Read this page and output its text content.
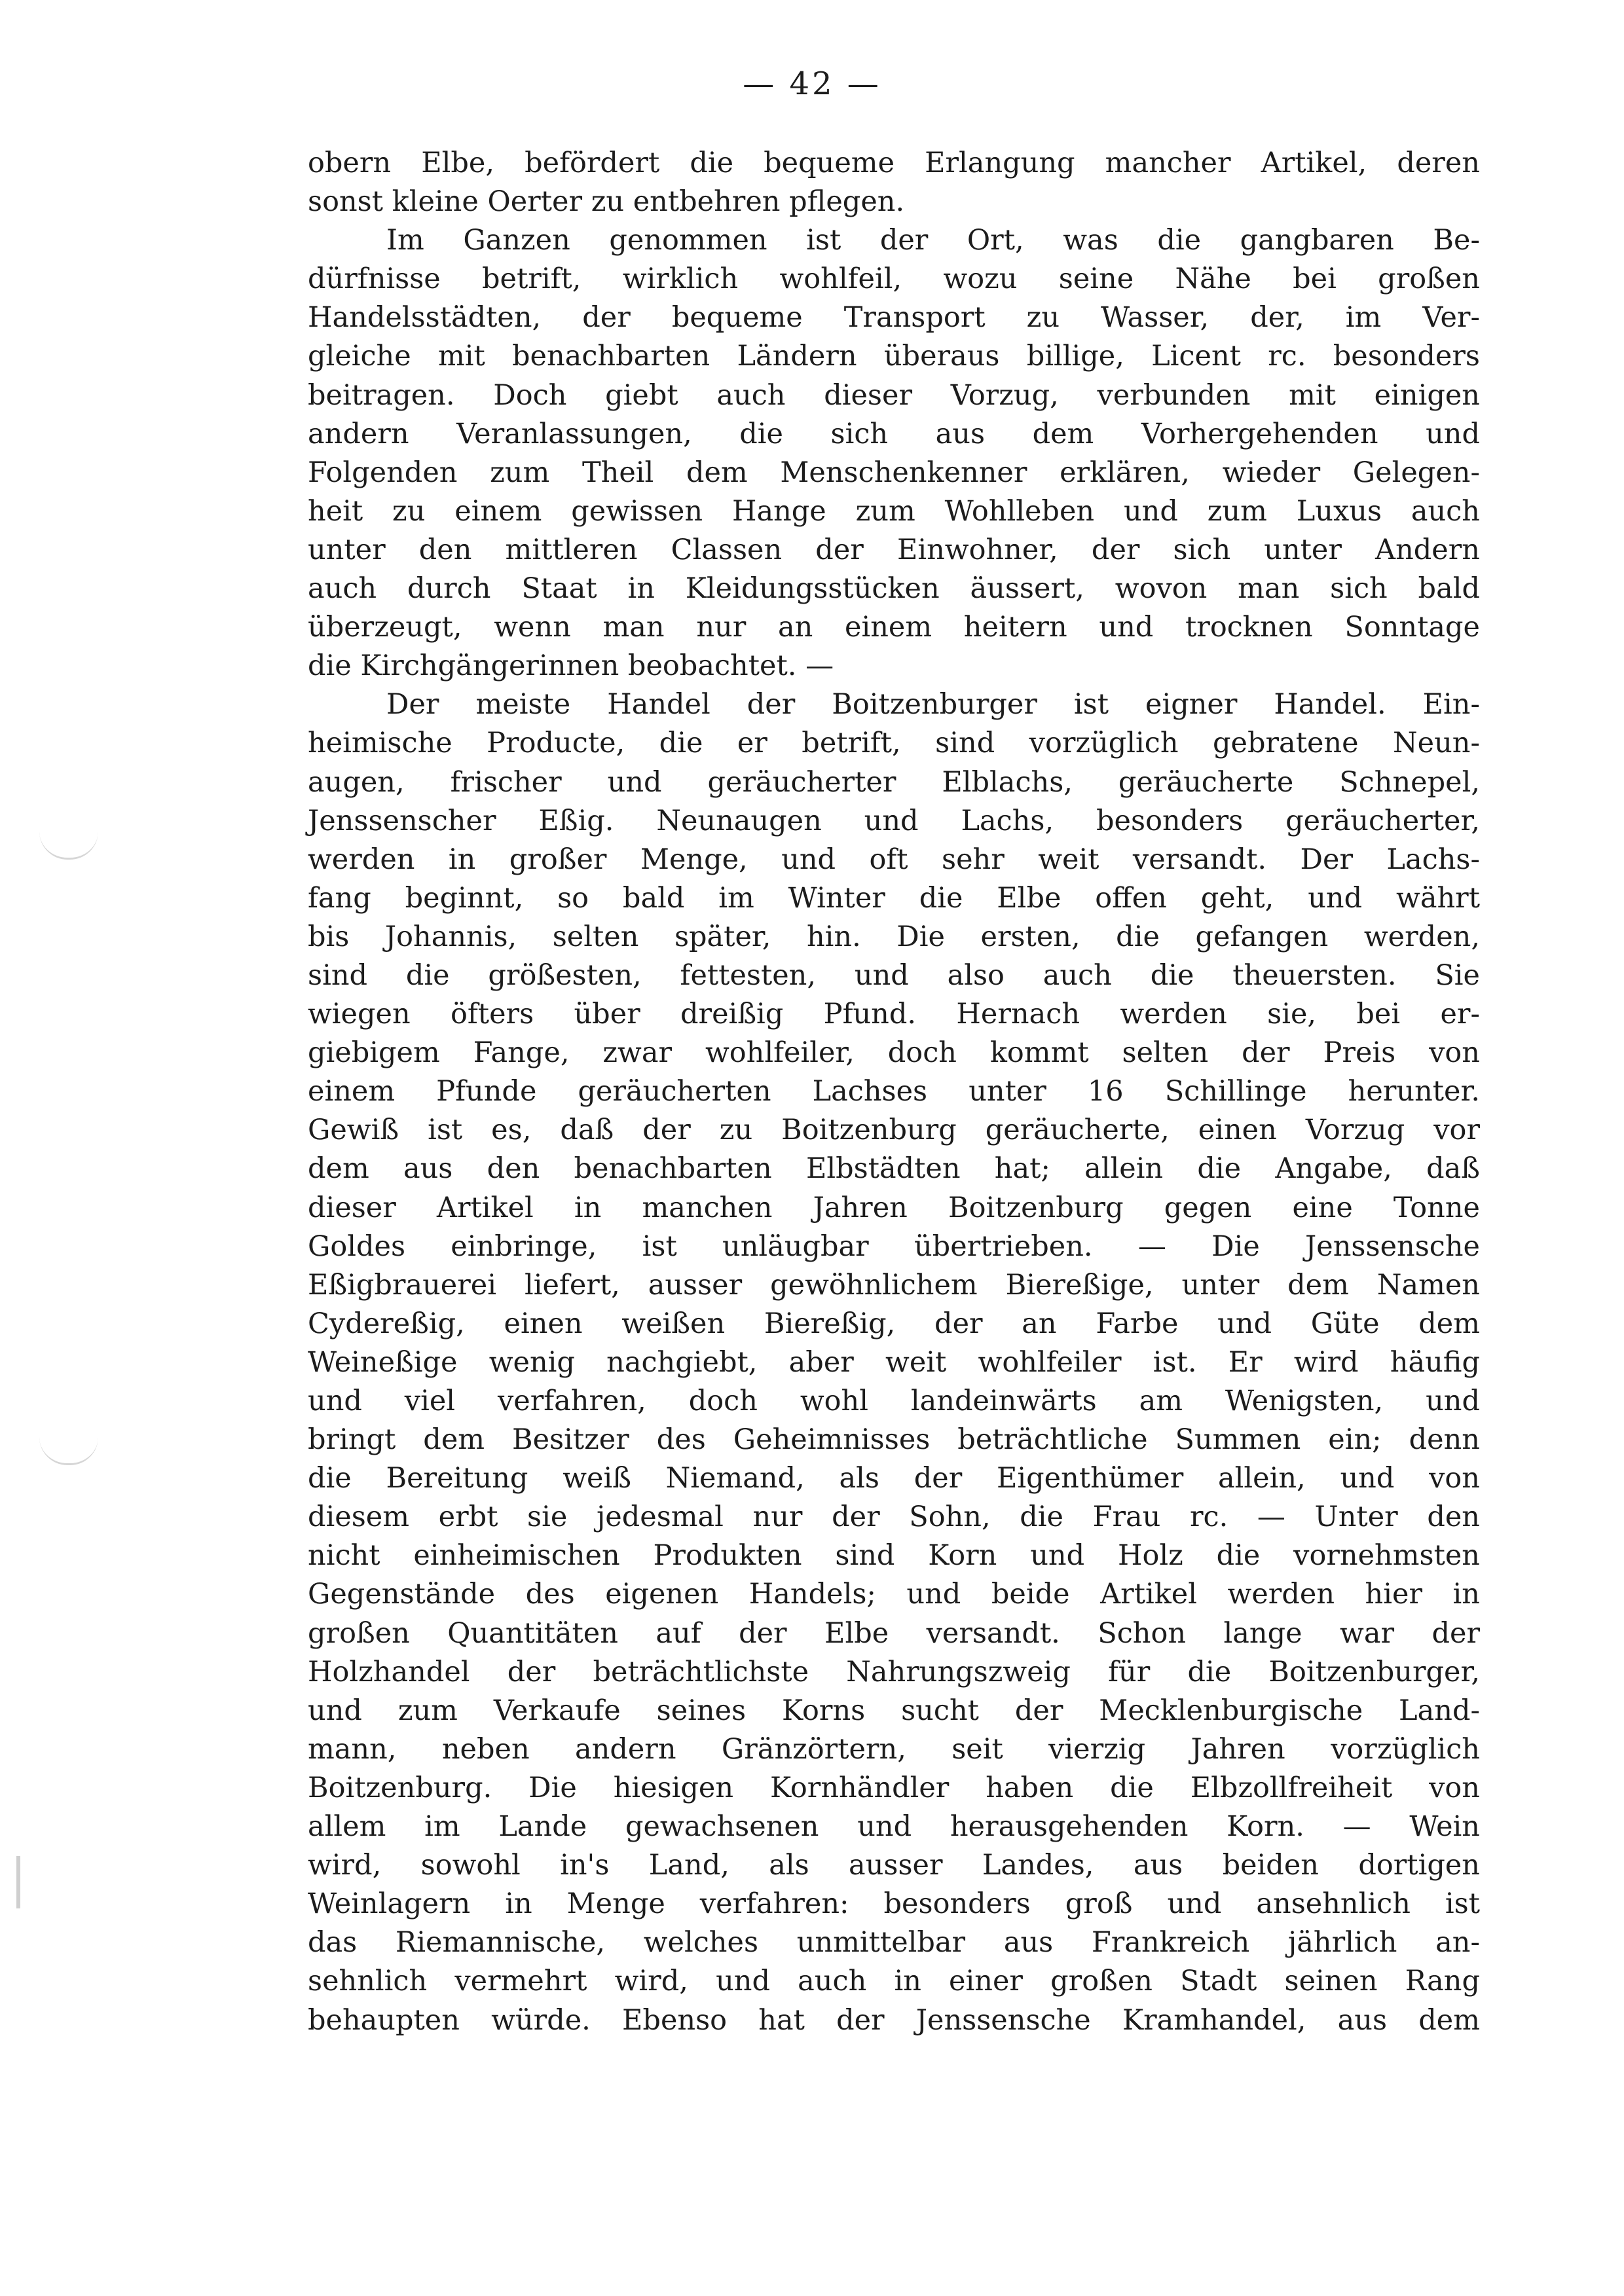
— 42 —
obern Elbe, befördert die bequeme Erlangung mancher Artikel, deren
sonst kleine Oerter zu entbehren pflegen.
Im Ganzen genommen ist der Ort, was die gangbaren Be-
dürfnisse betrift, wirklich wohlfeil, wozu seine Nähe bei großen
Handelsstädten, der bequeme Transport zu Wasser, der, im Ver-
gleiche mit benachbarten Ländern überaus billige, Licent rc. besonders
beitragen. Doch giebt auch dieser Vorzug, verbunden mit einigen
andern Veranlassungen, die sich aus dem Vorhergehenden und
Folgenden zum Theil dem Menschenkenner erklären, wieder Gelegen-
heit zu einem gewissen Hange zum Wohlleben und zum Luxus auch
unter den mittleren Classen der Einwohner, der sich unter Andern
auch durch Staat in Kleidungsstücken äussert, wovon man sich bald
überzeugt, wenn man nur an einem heitern und trocknen Sonntage
die Kirchgängerinnen beobachtet. —
Der meiste Handel der Boitzenburger ist eigner Handel. Ein-
heimische Producte, die er betrift, sind vorzüglich gebratene Neun-
augen, frischer und geräucherter Elblachs, geräucherte Schnepel,
Jenssenscher Eßig. Neunaugen und Lachs, besonders geräucherter,
werden in großer Menge, und oft sehr weit versandt. Der Lachs-
fang beginnt, so bald im Winter die Elbe offen geht, und währt
bis Johannis, selten später, hin. Die ersten, die gefangen werden,
sind die größesten, fettesten, und also auch die theuersten. Sie
wiegen öfters über dreißig Pfund. Hernach werden sie, bei er-
giebigem Fange, zwar wohlfeiler, doch kommt selten der Preis von
einem Pfunde geräucherten Lachses unter 16 Schillinge herunter.
Gewiß ist es, daß der zu Boitzenburg geräucherte, einen Vorzug vor
dem aus den benachbarten Elbstädten hat; allein die Angabe, daß
dieser Artikel in manchen Jahren Boitzenburg gegen eine Tonne
Goldes einbringe, ist unläugbar übertrieben. — Die Jenssensche
Eßigbrauerei liefert, ausser gewöhnlichem Biereßige, unter dem Namen
Cydereßig, einen weißen Biereßig, der an Farbe und Güte dem
Weineßige wenig nachgiebt, aber weit wohlfeiler ist. Er wird häufig
und viel verfahren, doch wohl landeinwärts am Wenigsten, und
bringt dem Besitzer des Geheimnisses beträchtliche Summen ein; denn
die Bereitung weiß Niemand, als der Eigenthümer allein, und von
diesem erbt sie jedesmal nur der Sohn, die Frau rc. — Unter den
nicht einheimischen Produkten sind Korn und Holz die vornehmsten
Gegenstände des eigenen Handels; und beide Artikel werden hier in
großen Quantitäten auf der Elbe versandt. Schon lange war der
Holzhandel der beträchtlichste Nahrungszweig für die Boitzenburger,
und zum Verkaufe seines Korns sucht der Mecklenburgische Land-
mann, neben andern Gränzörtern, seit vierzig Jahren vorzüglich
Boitzenburg. Die hiesigen Kornhändler haben die Elbzollfreiheit von
allem im Lande gewachsenen und herausgehenden Korn. — Wein
wird, sowohl in's Land, als ausser Landes, aus beiden dortigen
Weinlagern in Menge verfahren: besonders groß und ansehnlich ist
das Riemannische, welches unmittelbar aus Frankreich jährlich an-
sehnlich vermehrt wird, und auch in einer großen Stadt seinen Rang
behaupten würde. Ebenso hat der Jenssensche Kramhandel, aus dem
